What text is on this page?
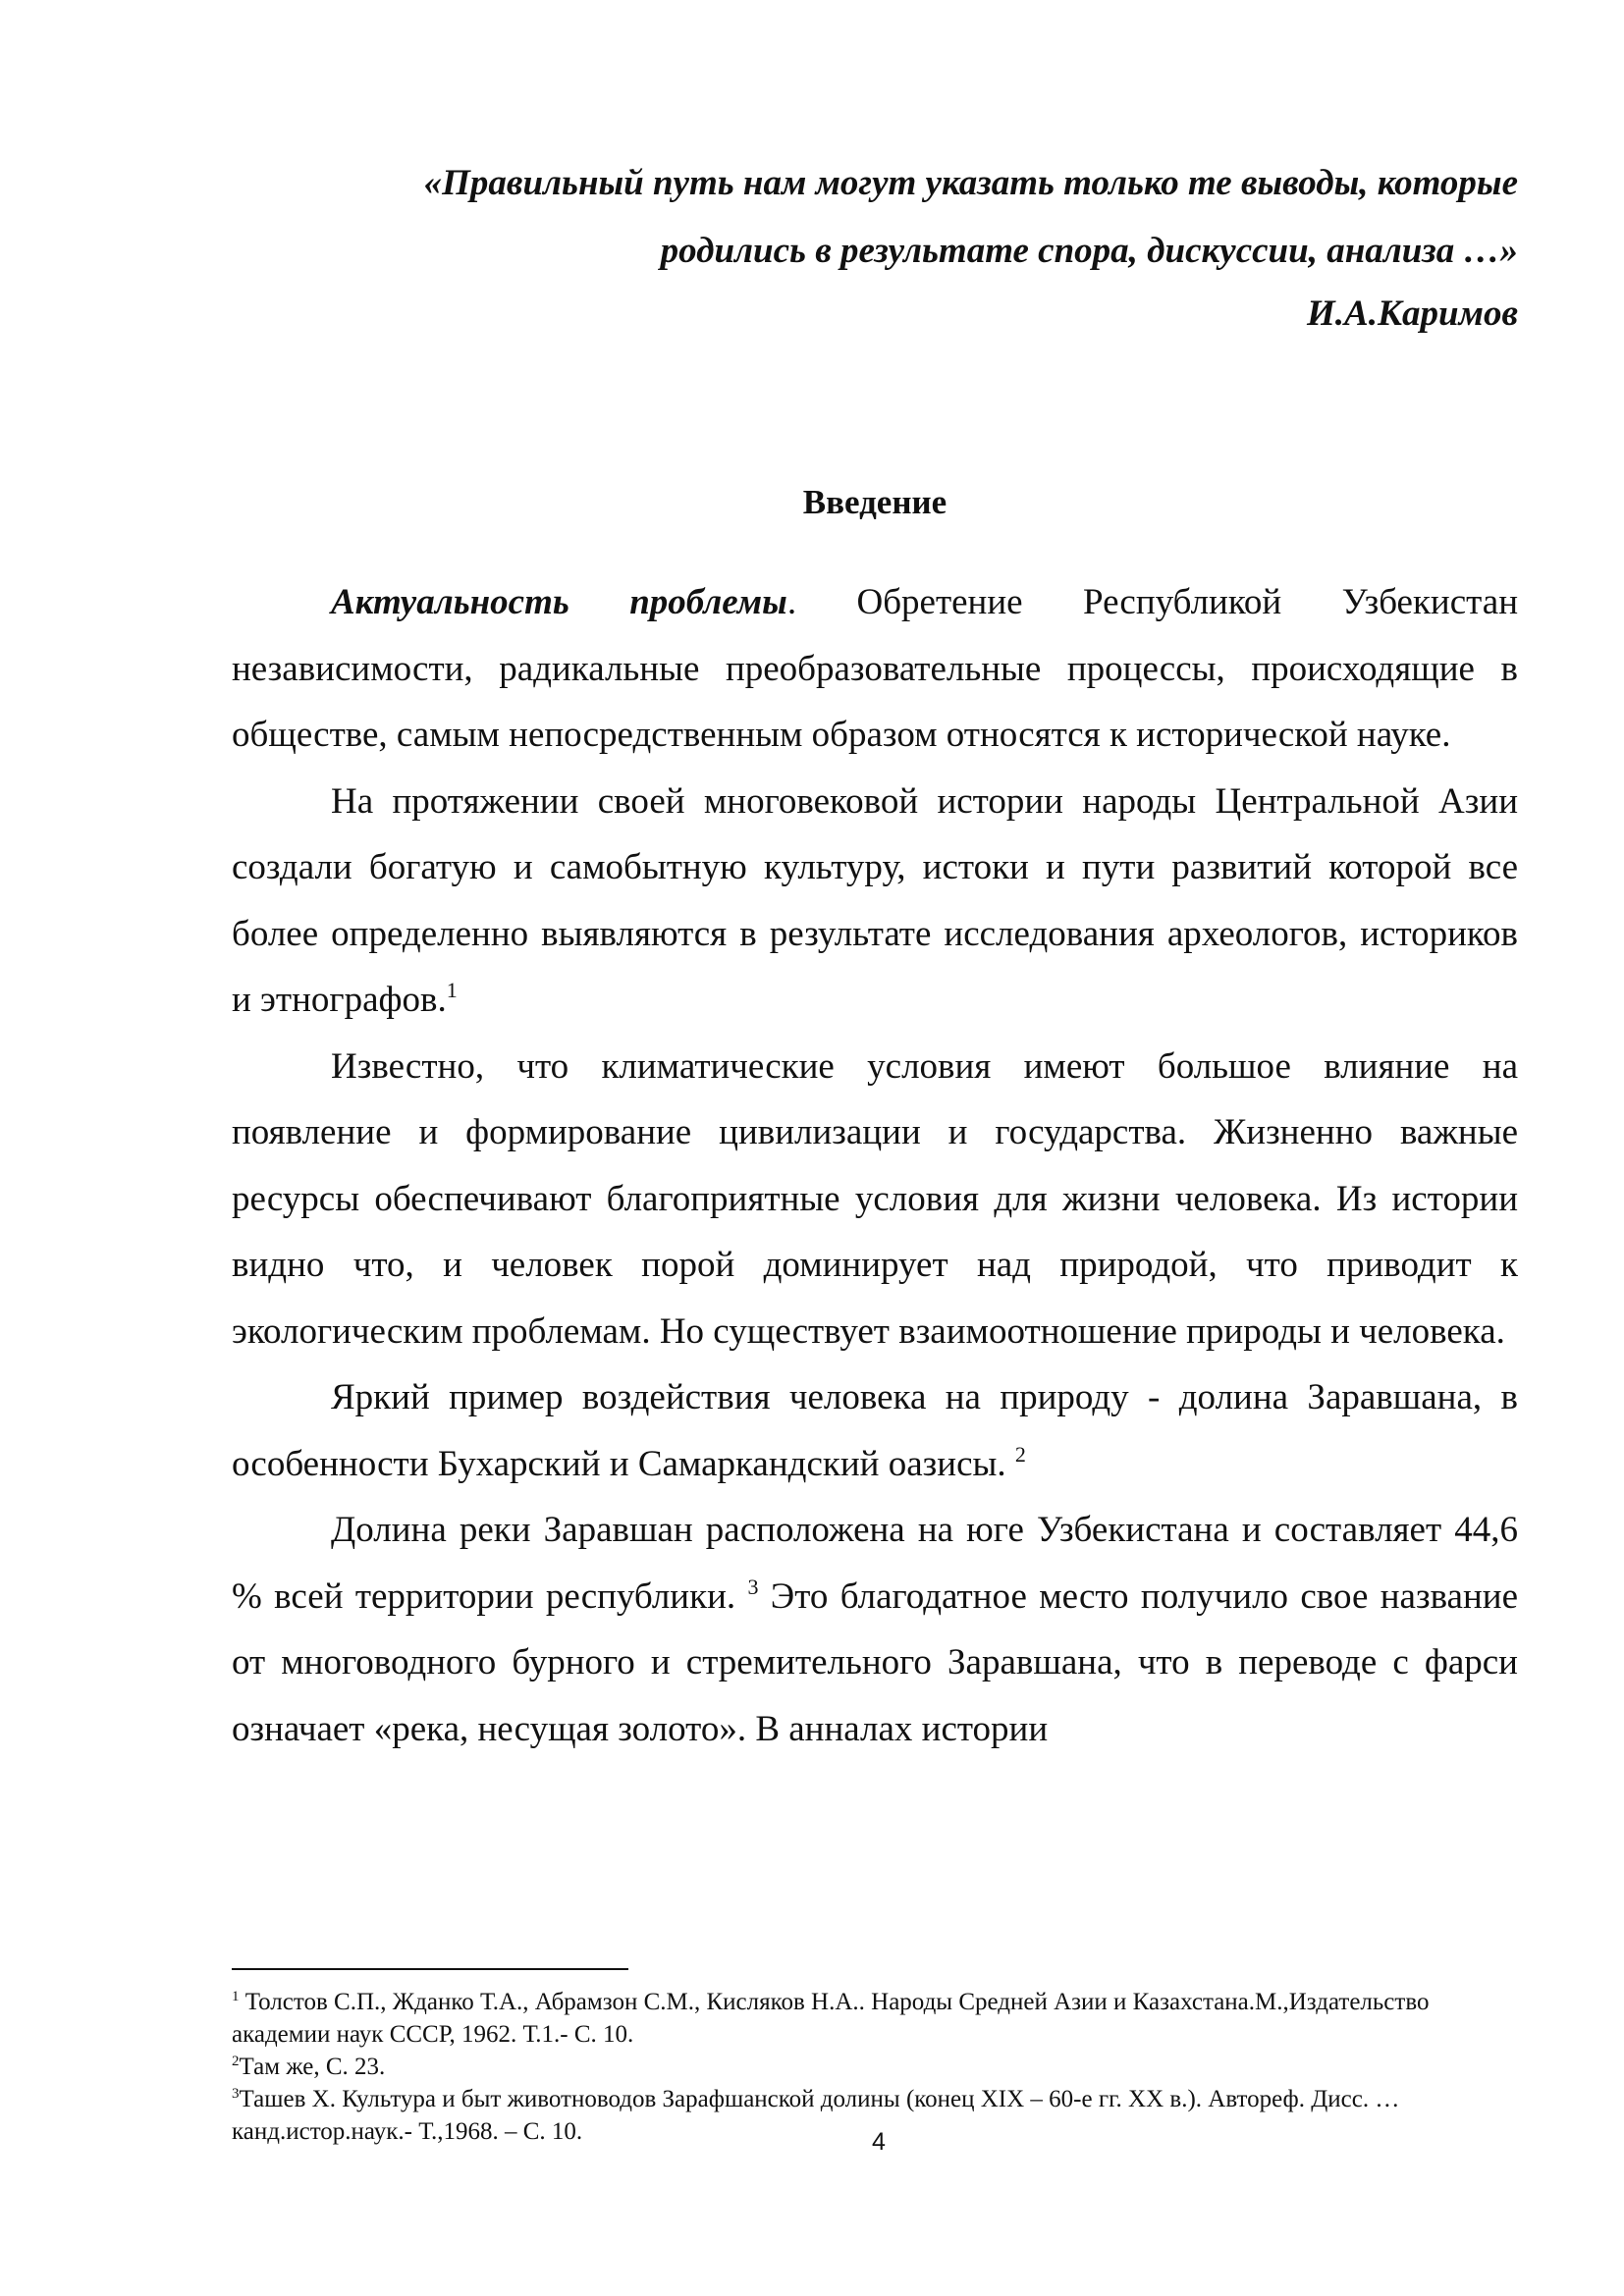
«Правильный путь нам могут указать только те выводы, которые
родились в результате спора, дискуссии, анализа …»
И.А.Каримов
Введение

Актуальность проблемы. Обретение Республикой Узбекистан независимости, радикальные преобразовательные процессы, происходящие в обществе, самым непосредственным образом относятся к исторической науке.

На протяжении своей многовековой истории народы Центральной Азии создали богатую и самобытную культуру, истоки и пути развитий которой все более определенно выявляются в результате исследования археологов, историков и этнографов.$^1$

Известно, что климатические условия имеют большое влияние на появление и формирование цивилизации и государства. Жизненно важные ресурсы обеспечивают благоприятные условия для жизни человека. Из истории видно что, и человек порой доминирует над природой, что приводит к экологическим проблемам. Но существует взаимоотношение природы и человека.

Яркий пример воздействия человека на природу - долина Заравшана, в особенности Бухарский и Самаркандский оазисы. $^2$

Долина реки Заравшан расположена на юге Узбекистана и составляет 44,6 % всей территории республики. $^3$ Это благодатное место получило свое название от многоводного бурного и стремительного Заравшана, что в переводе с фарси означает «река, несущая золото». В анналах истории

$^1$ Толстов С.П., Жданко Т.А., Абрамзон С.М., Кисляков Н.А.. Народы Средней Азии и Казахстана.М.,Издательство академии наук СССР, 1962. Т.1.- С. 10.
$^2$Там же, С. 23.
$^3$Ташев Х. Культура и быт животноводов Зарафшанской долины (конец XIX – 60-е гг. XX в.). Автореф. Дисс. … канд.истор.наук.- Т.,1968. – С. 10.	4
